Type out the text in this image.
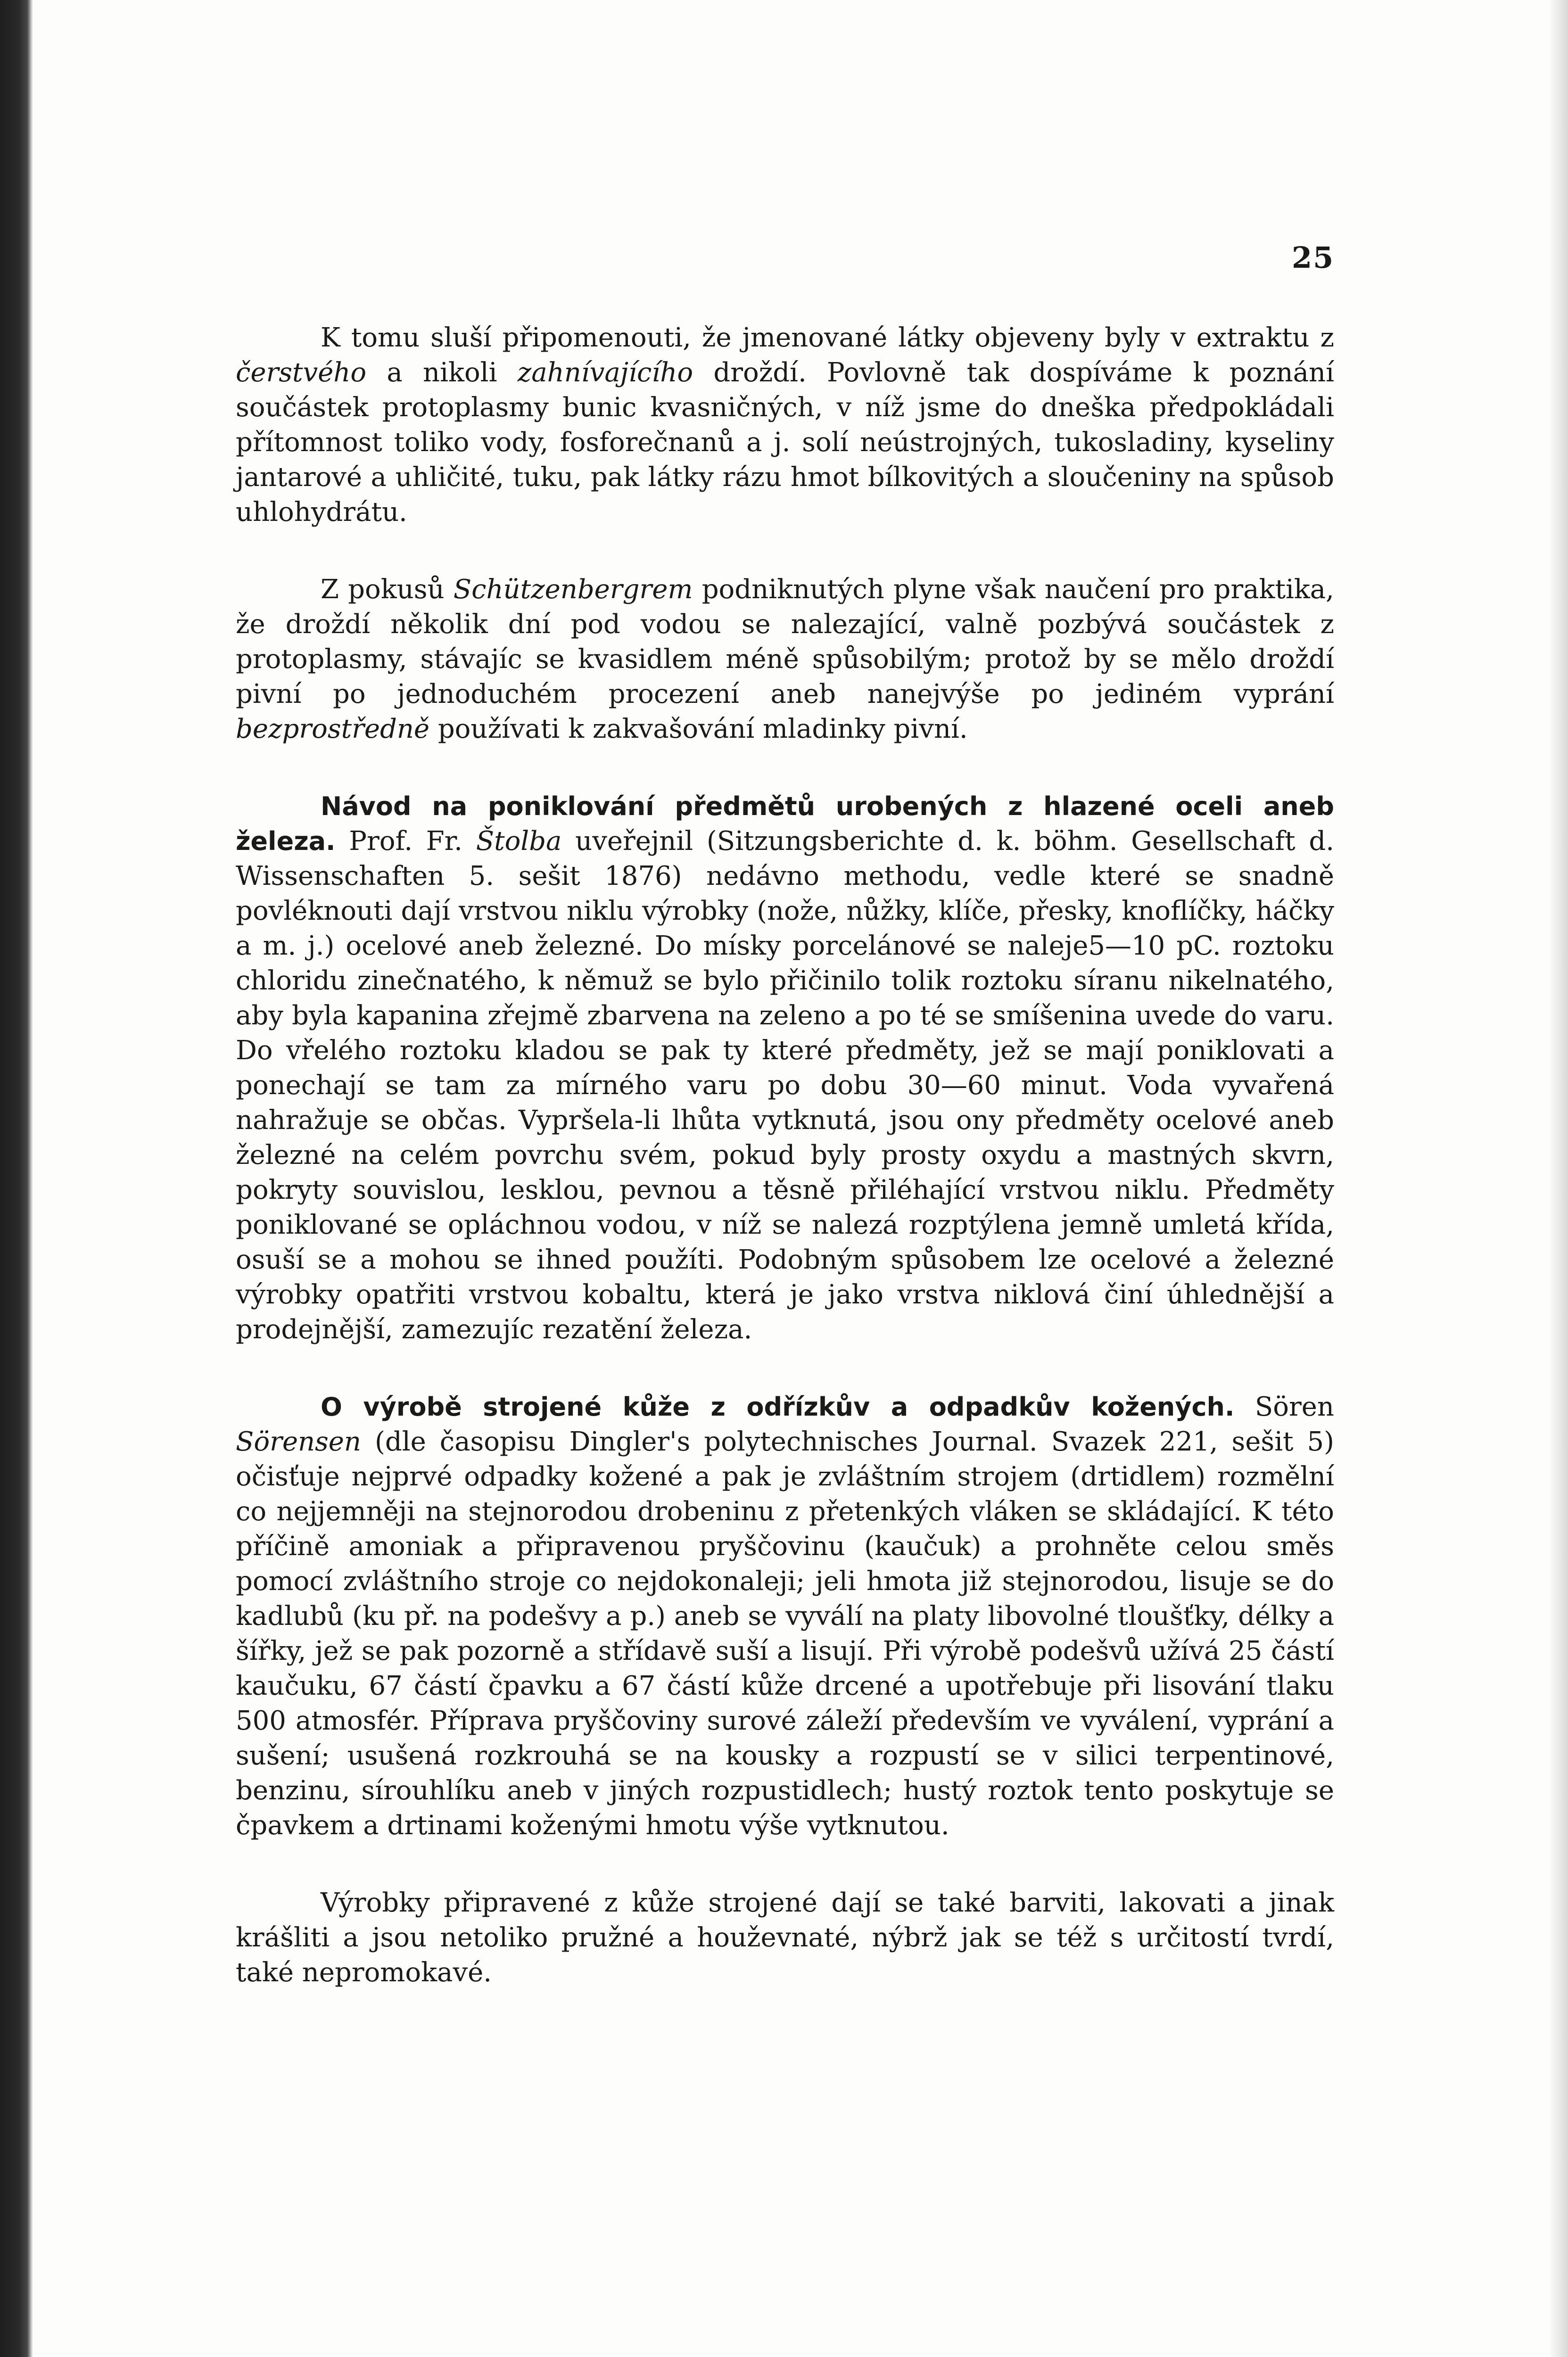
25

K tomu sluší připomenouti, že jmenované látky objeveny byly v extraktu z čerstvého a nikoli zahnívajícího droždí. Povlovně tak dospíváme k poznání součástek protoplasmy bunic kvasničných, v níž jsme do dneška předpokládali přítomnost toliko vody, fosforečnanů a j. solí neústrojných, tukosladiny, kyseliny jantarové a uhličité, tuku, pak látky rázu hmot bílkovitých a sloučeniny na spůsob uhlohydrátu.

Z pokusů Schützenbergrem podniknutých plyne však naučení pro praktika, že droždí několik dní pod vodou se nalezající, valně pozbývá součástek z protoplasmy, stávajíc se kvasidlem méně spůsobilým; protož by se mělo droždí pivní po jednoduchém procezení aneb nanejvýše po jediném vyprání bezprostředně používati k zakvašování mladinky pivní.

Návod na poniklování předmětů urobených z hlazené oceli aneb železa. Prof. Fr. Štolba uveřejnil (Sitzungsberichte d. k. böhm. Gesellschaft d. Wissenschaften 5. sešit 1876) nedávno methodu, vedle které se snadně povléknouti dají vrstvou niklu výrobky (nože, nůžky, klíče, přesky, knoflíčky, háčky a m. j.) ocelové aneb železné. Do mísky porcelánové se naleje5—10 pC. roztoku chloridu zinečnatého, k němuž se bylo přičinilo tolik roztoku síranu nikelnatého, aby byla kapanina zřejmě zbarvena na zeleno a po té se smíšenina uvede do varu. Do vřelého roztoku kladou se pak ty které předměty, jež se mají poniklovati a ponechají se tam za mírného varu po dobu 30—60 minut. Voda vyvařená nahražuje se občas. Vypršela-li lhůta vytknutá, jsou ony předměty ocelové aneb železné na celém povrchu svém, pokud byly prosty oxydu a mastných skvrn, pokryty souvislou, lesklou, pevnou a těsně přiléhající vrstvou niklu. Předměty poniklované se opláchnou vodou, v níž se nalezá rozptýlena jemně umletá křída, osuší se a mohou se ihned použíti. Podobným spůsobem lze ocelové a železné výrobky opatřiti vrstvou kobaltu, která je jako vrstva niklová činí úhlednější a prodejnější, zamezujíc rezatění železa.

O výrobě strojené kůže z odřízkův a odpadkův kožených. Sören Sörensen (dle časopisu Dingler's polytechnisches Journal. Svazek 221, sešit 5) očisťuje nejprvé odpadky kožené a pak je zvláštním strojem (drtidlem) rozmělní co nejjemněji na stejnorodou drobeninu z přetenkých vláken se skládající. K této příčině amoniak a připravenou pryščovinu (kaučuk) a prohněte celou směs pomocí zvláštního stroje co nejdokonaleji; jeli hmota již stejnorodou, lisuje se do kadlubů (ku př. na podešvy a p.) aneb se vyválí na platy libovolné tloušťky, délky a šířky, jež se pak pozorně a střídavě suší a lisují. Při výrobě podešvů užívá 25 částí kaučuku, 67 částí čpavku a 67 částí kůže drcené a upotřebuje při lisování tlaku 500 atmosfér. Příprava pryščoviny surové záleží především ve vyválení, vyprání a sušení; usušená rozkrouhá se na kousky a rozpustí se v silici terpentinové, benzinu, sírouhlíku aneb v jiných rozpustidlech; hustý roztok tento poskytuje se čpavkem a drtinami koženými hmotu výše vytknutou.

Výrobky připravené z kůže strojené dají se také barviti, lakovati a jinak krášliti a jsou netoliko pružné a houževnaté, nýbrž jak se též s určitostí tvrdí, také nepromokavé.
